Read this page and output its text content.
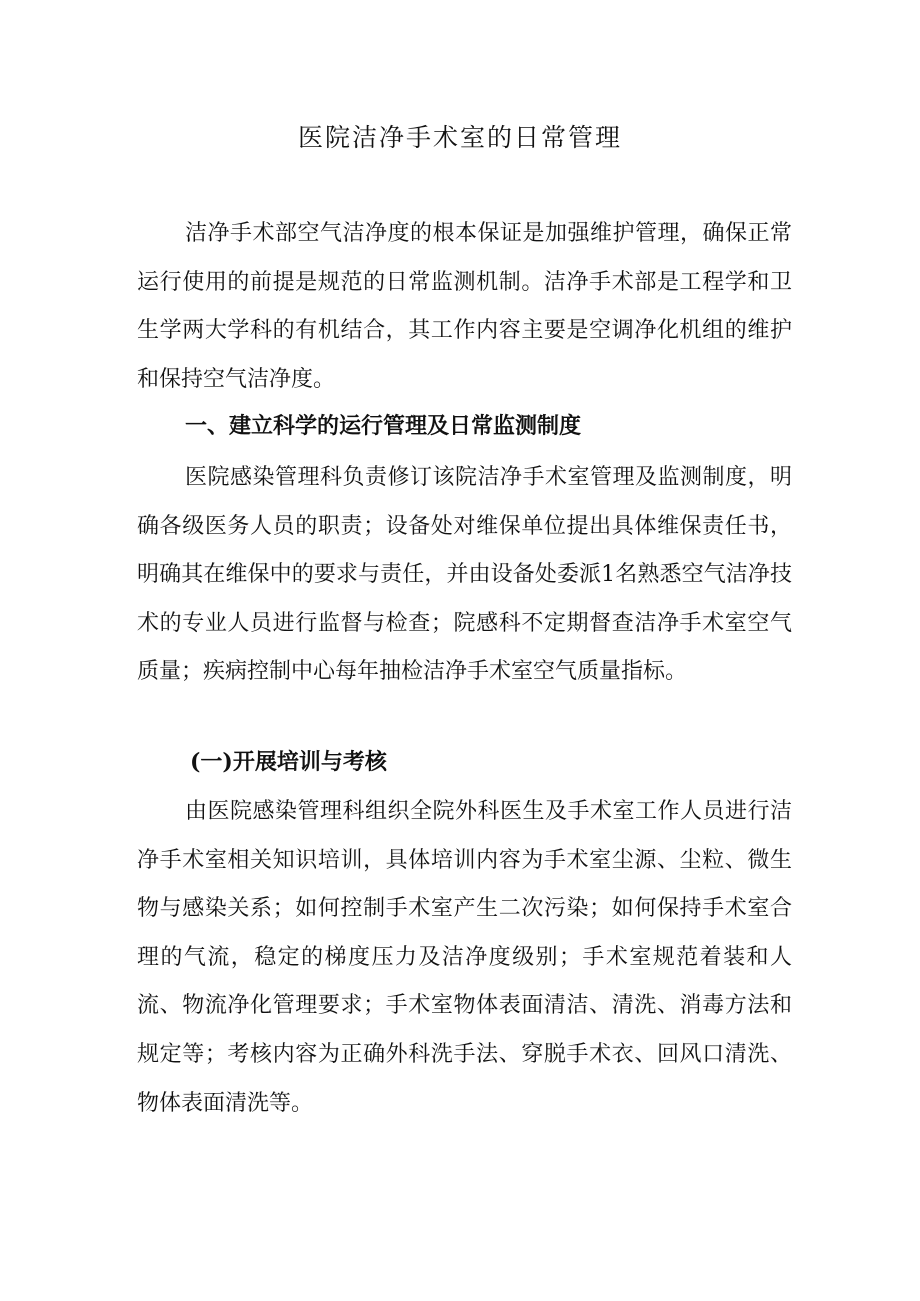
医院洁净手术室的日常管理
洁净手术部空气洁净度的根本保证是加强维护管理，确保正常运行使用的前提是规范的日常监测机制。洁净手术部是工程学和卫生学两大学科的有机结合，其工作内容主要是空调净化机组的维护和保持空气洁净度。
一、建立科学的运行管理及日常监测制度
医院感染管理科负责修订该院洁净手术室管理及监测制度，明确各级医务人员的职责；设备处对维保单位提出具体维保责任书，明确其在维保中的要求与责任，并由设备处委派1名熟悉空气洁净技术的专业人员进行监督与检查；院感科不定期督查洁净手术室空气质量；疾病控制中心每年抽检洁净手术室空气质量指标。
(一)开展培训与考核
由医院感染管理科组织全院外科医生及手术室工作人员进行洁净手术室相关知识培训，具体培训内容为手术室尘源、尘粒、微生物与感染关系；如何控制手术室产生二次污染；如何保持手术室合理的气流，稳定的梯度压力及洁净度级别；手术室规范着装和人流、物流净化管理要求；手术室物体表面清洁、清洗、消毒方法和规定等；考核内容为正确外科洗手法、穿脱手术衣、回风口清洗、物体表面清洗等。
